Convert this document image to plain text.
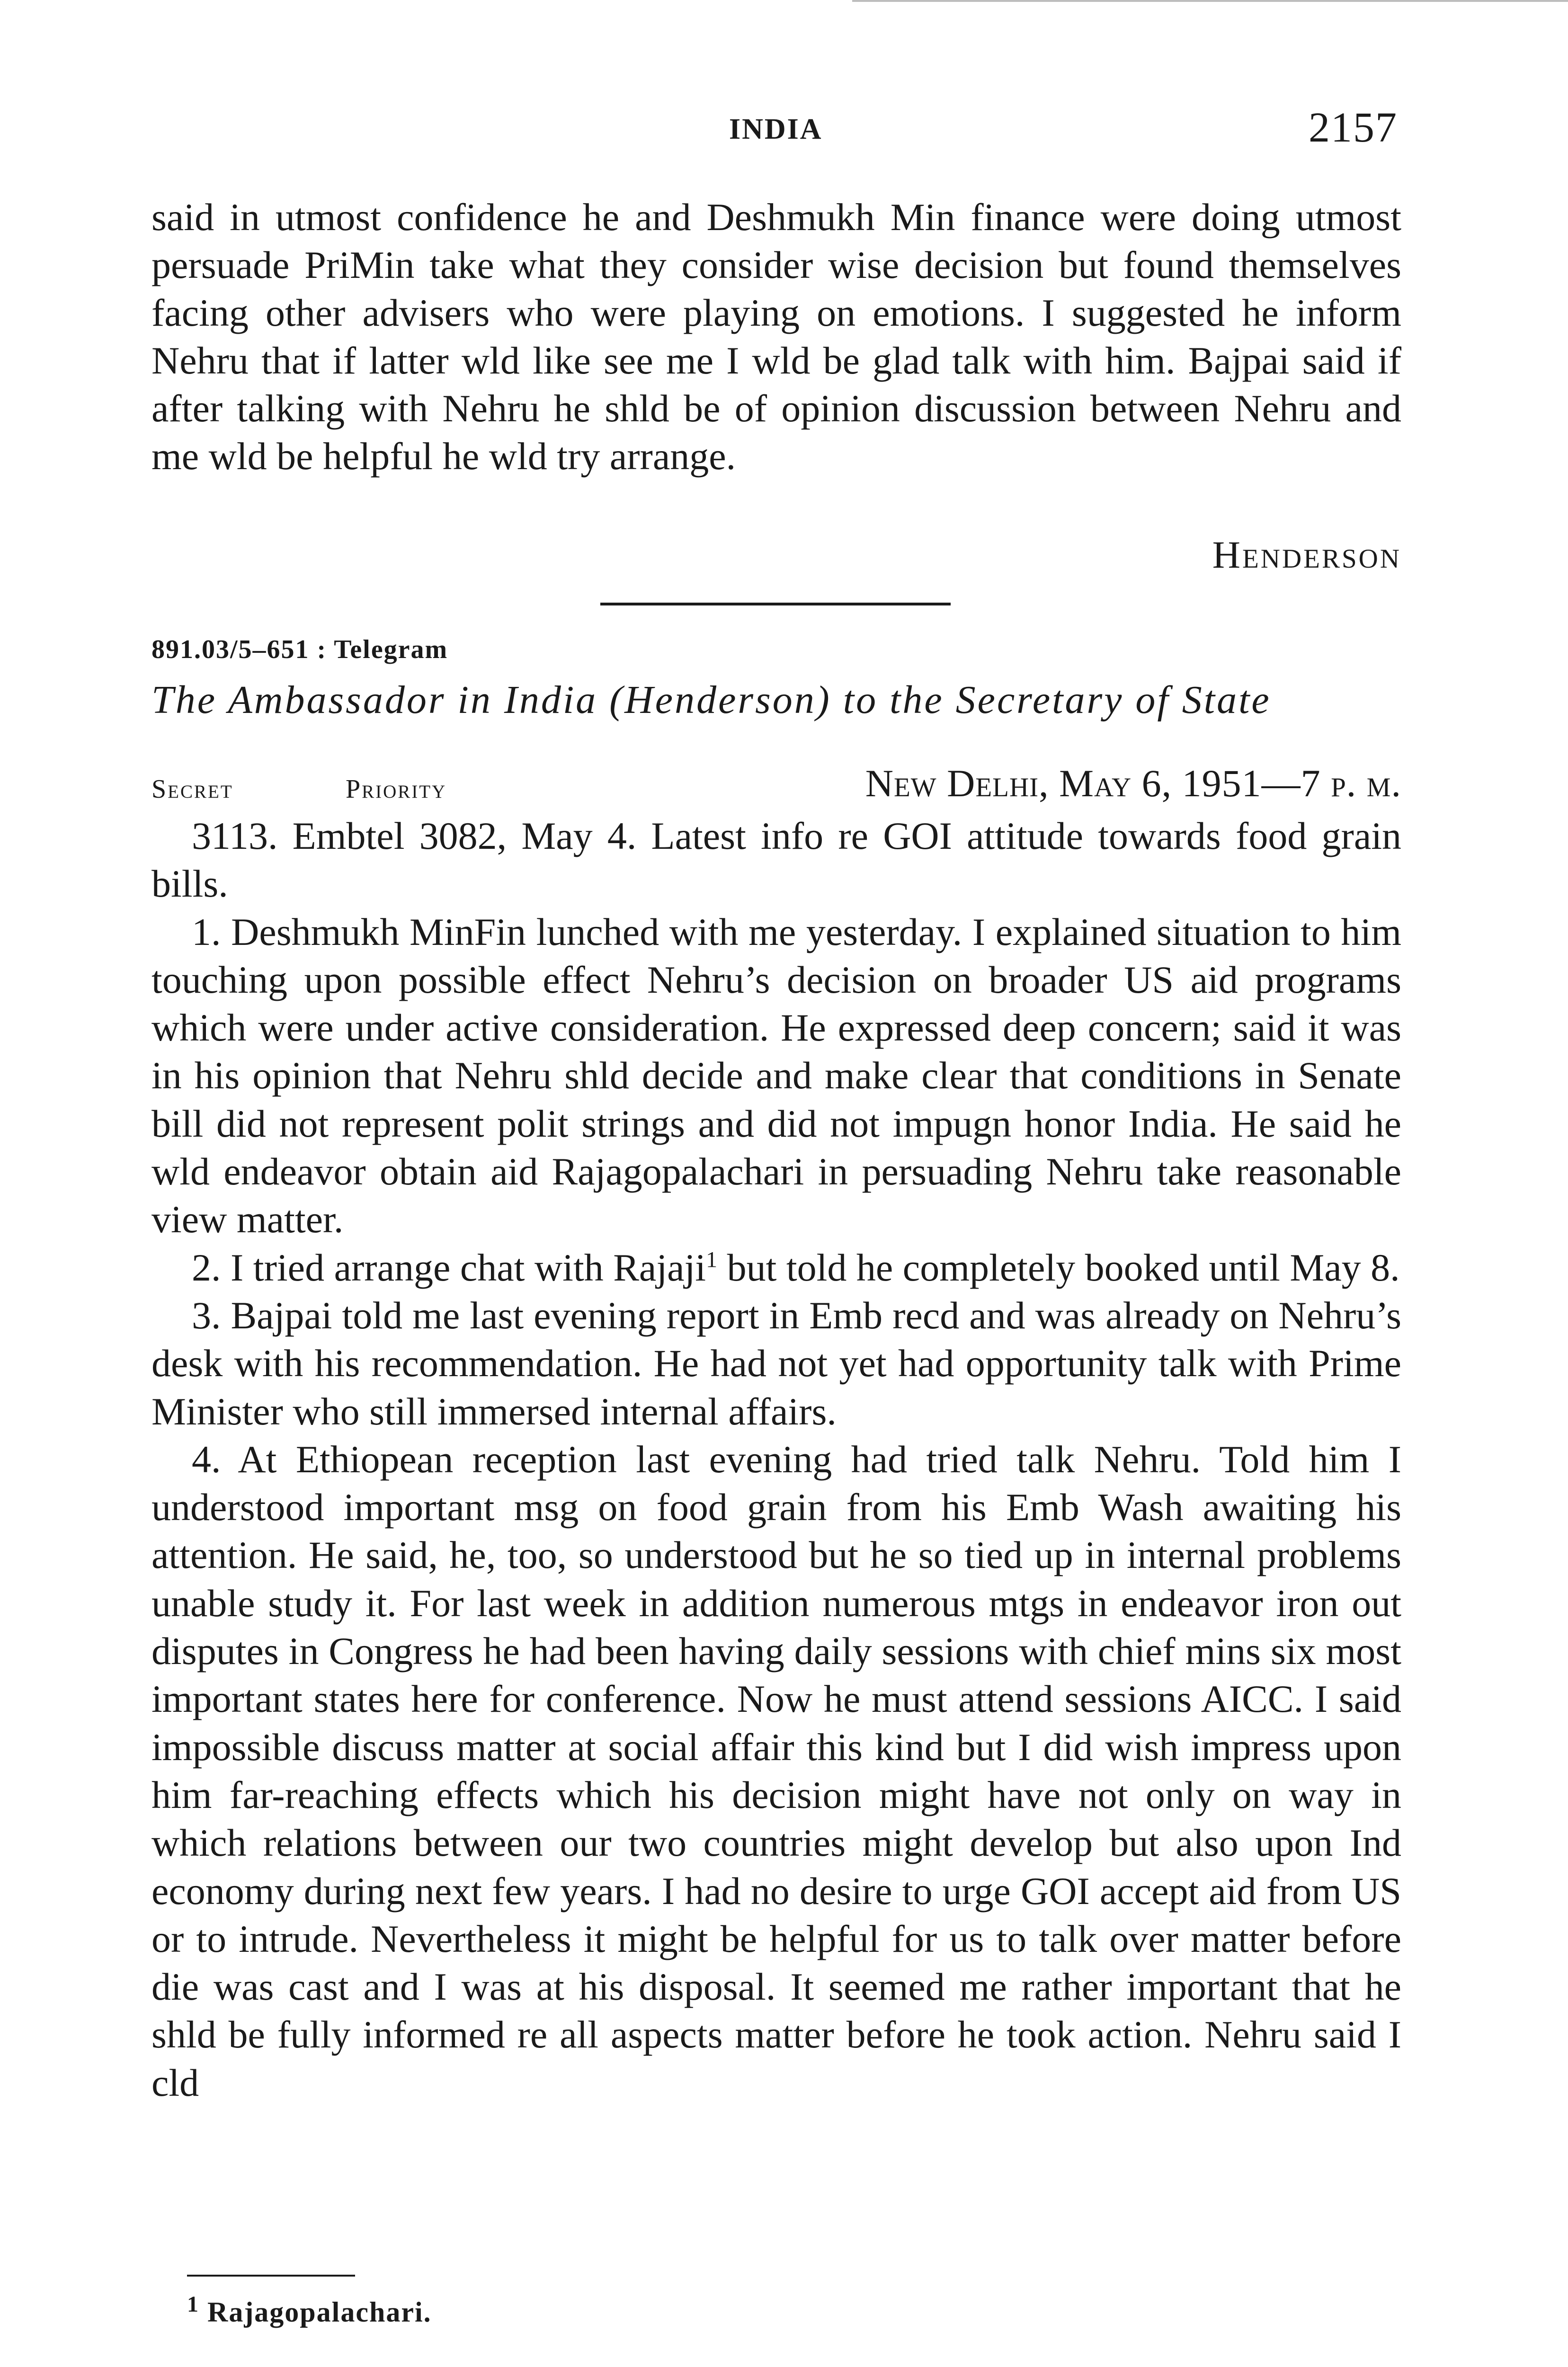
INDIA	2157
said in utmost confidence he and Deshmukh Min finance were doing utmost persuade PriMin take what they consider wise decision but found themselves facing other advisers who were playing on emotions. I suggested he inform Nehru that if latter wld like see me I wld be glad talk with him. Bajpai said if after talking with Nehru he shld be of opinion discussion between Nehru and me wld be helpful he wld try arrange.
Henderson
891.03/5–651 : Telegram
The Ambassador in India (Henderson) to the Secretary of State
Secret	Priority	New Delhi, May 6, 1951—7 p. m.

3113. Embtel 3082, May 4. Latest info re GOI attitude towards food grain bills.

1. Deshmukh MinFin lunched with me yesterday. I explained situation to him touching upon possible effect Nehru’s decision on broader US aid programs which were under active consideration. He expressed deep concern; said it was in his opinion that Nehru shld decide and make clear that conditions in Senate bill did not represent polit strings and did not impugn honor India. He said he wld endeavor obtain aid Rajagopalachari in persuading Nehru take reasonable view matter.

2. I tried arrange chat with Rajaji$^1$ but told he completely booked until May 8.

3. Bajpai told me last evening report in Emb recd and was already on Nehru’s desk with his recommendation. He had not yet had opportunity talk with Prime Minister who still immersed internal affairs.

4. At Ethiopean reception last evening had tried talk Nehru. Told him I understood important msg on food grain from his Emb Wash awaiting his attention. He said, he, too, so understood but he so tied up in internal problems unable study it. For last week in addition numerous mtgs in endeavor iron out disputes in Congress he had been having daily sessions with chief mins six most important states here for conference. Now he must attend sessions AICC. I said impossible discuss matter at social affair this kind but I did wish impress upon him far-reaching effects which his decision might have not only on way in which relations between our two countries might develop but also upon Ind economy during next few years. I had no desire to urge GOI accept aid from US or to intrude. Nevertheless it might be helpful for us to talk over matter before die was cast and I was at his disposal. It seemed me rather important that he shld be fully informed re all aspects matter before he took action. Nehru said I cld

$^1$ Rajagopalachari.
